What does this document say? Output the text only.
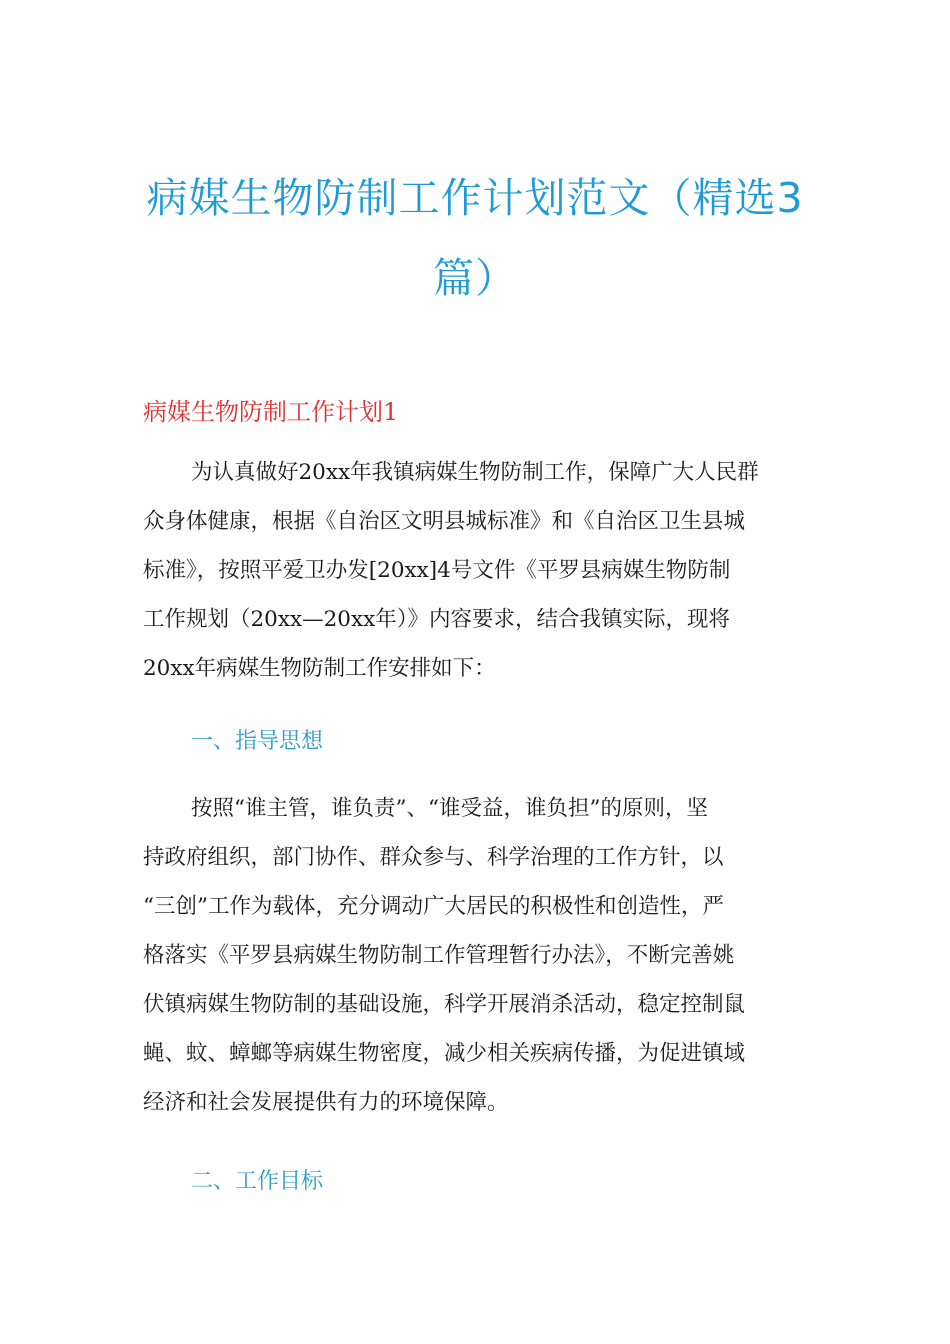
病媒生物防制工作计划范文（精选3
篇）
病媒生物防制工作计划1

为认真做好20xx年我镇病媒生物防制工作，保障广大人民群
众身体健康，根据《自治区文明县城标准》和《自治区卫生县城
标准》，按照平爱卫办发[20xx]4号文件《平罗县病媒生物防制
工作规划（20xx—20xx年）》内容要求，结合我镇实际，现将
20xx年病媒生物防制工作安排如下：

一、指导思想

按照“谁主管，谁负责”、“谁受益，谁负担”的原则，坚
持政府组织，部门协作、群众参与、科学治理的工作方针，以
“三创”工作为载体，充分调动广大居民的积极性和创造性，严
格落实《平罗县病媒生物防制工作管理暂行办法》，不断完善姚
伏镇病媒生物防制的基础设施，科学开展消杀活动，稳定控制鼠
蝇、蚊、蟑螂等病媒生物密度，减少相关疾病传播，为促进镇域
经济和社会发展提供有力的环境保障。

二、工作目标
